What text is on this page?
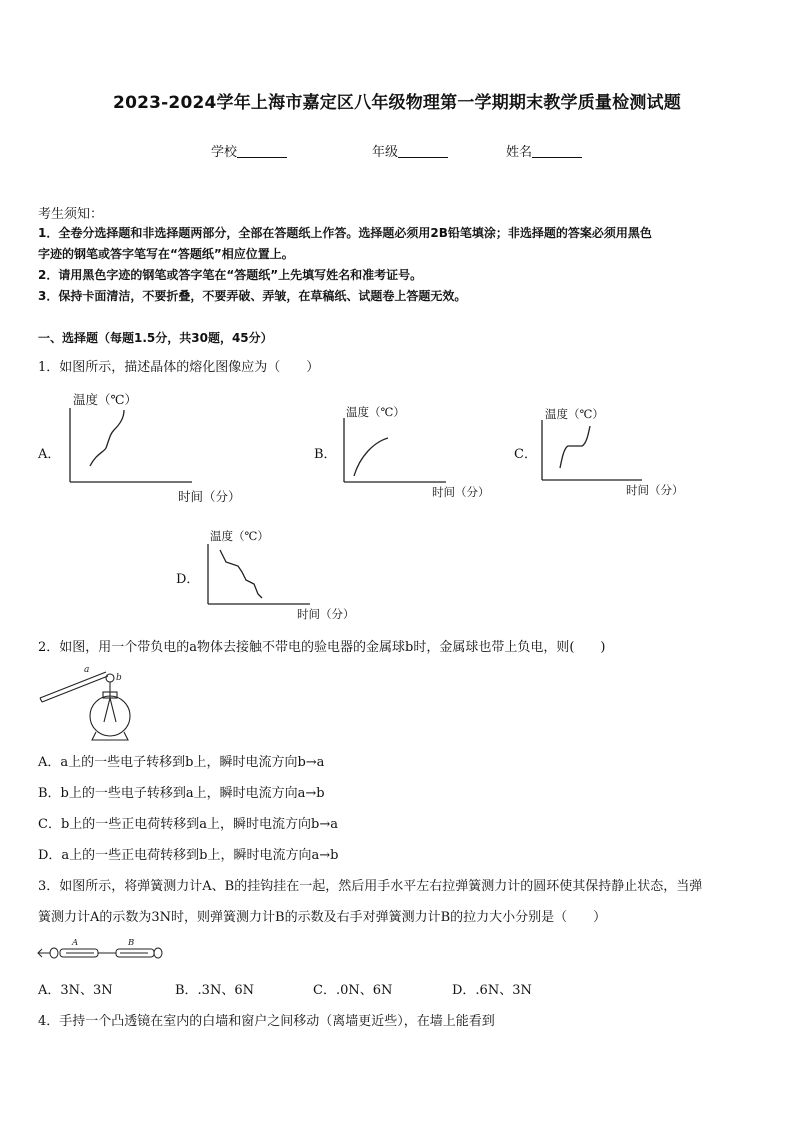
2023-2024学年上海市嘉定区八年级物理第一学期期末教学质量检测试题
学校	年级	姓名
考生须知：
1．全卷分选择题和非选择题两部分，全部在答题纸上作答。选择题必须用2B铅笔填涂；非选择题的答案必须用黑色
字迹的钢笔或答字笔写在“答题纸”相应位置上。
2．请用黑色字迹的钢笔或答字笔在“答题纸”上先填写姓名和准考证号。
3．保持卡面清洁，不要折叠，不要弄破、弄皱，在草稿纸、试题卷上答题无效。
一、选择题（每题1.5分，共30题，45分）
1．如图所示，描述晶体的熔化图像应为（　　）
A．
温度（℃）
时间（分）
B．
温度（℃）
时间（分）
C．
温度（℃）
时间（分）
D．
温度（℃）
时间（分）
2．如图，用一个带负电的a物体去接触不带电的验电器的金属球b时，金属球也带上负电，则(　　)
a
b
A．a上的一些电子转移到b上，瞬时电流方向b→a
B．b上的一些电子转移到a上，瞬时电流方向a→b
C．b上的一些正电荷转移到a上，瞬时电流方向b→a
D．a上的一些正电荷转移到b上，瞬时电流方向a→b
3．如图所示，将弹簧测力计A、B的挂钩挂在一起，然后用手水平左右拉弹簧测力计的圆环使其保持静止状态，当弹
簧测力计A的示数为3N时，则弹簧测力计B的示数及右手对弹簧测力计B的拉力大小分别是（　　）
A	B
A．3N、3N	B．.3N、6N	C．.0N、6N	D．.6N、3N
4．手持一个凸透镜在室内的白墙和窗户之间移动（离墙更近些），在墙上能看到
